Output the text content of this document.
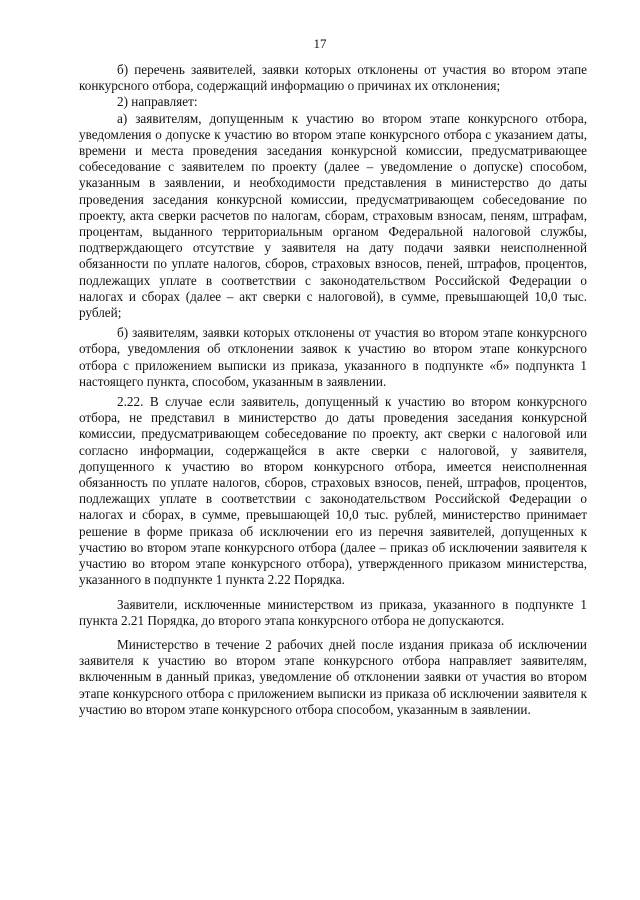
17

б) перечень заявителей, заявки которых отклонены от участия во втором этапе конкурсного отбора, содержащий информацию о причинах их отклонения;

2) направляет:

а) заявителям, допущенным к участию во втором этапе конкурсного отбора, уведомления о допуске к участию во втором этапе конкурсного отбора с указанием даты, времени и места проведения заседания конкурсной комиссии, предусматривающее собеседование с заявителем по проекту (далее – уведомление о допуске) способом, указанным в заявлении, и необходимости представления в министерство до даты проведения заседания конкурсной комиссии, предусматривающем собеседование по проекту, акта сверки расчетов по налогам, сборам, страховым взносам, пеням, штрафам, процентам, выданного территориальным органом Федеральной налоговой службы, подтверждающего отсутствие у заявителя на дату подачи заявки неисполненной обязанности по уплате налогов, сборов, страховых взносов, пеней, штрафов, процентов, подлежащих уплате в соответствии с законодательством Российской Федерации о налогах и сборах (далее – акт сверки с налоговой), в сумме, превышающей 10,0 тыс. рублей;

б) заявителям, заявки которых отклонены от участия во втором этапе конкурсного отбора, уведомления об отклонении заявок к участию во втором этапе конкурсного отбора с приложением выписки из приказа, указанного в подпункте «б» подпункта 1 настоящего пункта, способом, указанным в заявлении.

2.22. В случае если заявитель, допущенный к участию во втором конкурсного отбора, не представил в министерство до даты проведения заседания конкурсной комиссии, предусматривающем собеседование по проекту, акт сверки с налоговой или согласно информации, содержащейся в акте сверки с налоговой, у заявителя, допущенного к участию во втором конкурсного отбора, имеется неисполненная обязанность по уплате налогов, сборов, страховых взносов, пеней, штрафов, процентов, подлежащих уплате в соответствии с законодательством Российской Федерации о налогах и сборах, в сумме, превышающей 10,0 тыс. рублей, министерство принимает решение в форме приказа об исключении его из перечня заявителей, допущенных к участию во втором этапе конкурсного отбора (далее – приказ об исключении заявителя к участию во втором этапе конкурсного отбора), утвержденного приказом министерства, указанного в подпункте 1 пункта 2.22 Порядка.

Заявители, исключенные министерством из приказа, указанного в подпункте 1 пункта 2.21 Порядка, до второго этапа конкурсного отбора не допускаются.

Министерство в течение 2 рабочих дней после издания приказа об исключении заявителя к участию во втором этапе конкурсного отбора направляет заявителям, включенным в данный приказ, уведомление об отклонении заявки от участия во втором этапе конкурсного отбора с приложением выписки из приказа об исключении заявителя к участию во втором этапе конкурсного отбора способом, указанным в заявлении.
